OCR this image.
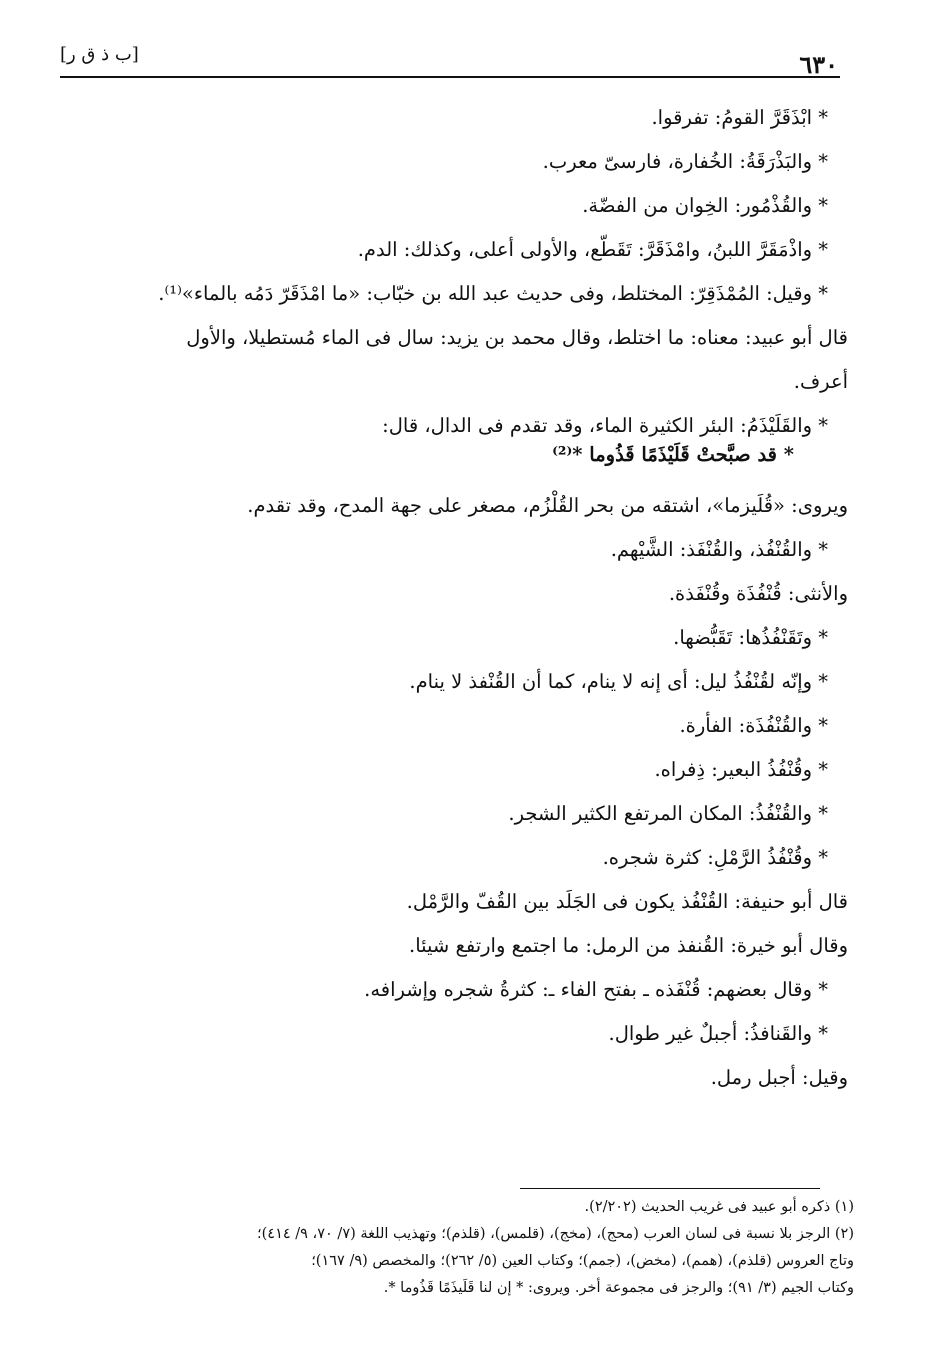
٦٣٠
[ب ذ ق ر]
* ابْذَقَرَّ القومُ: تفرقوا.
* والبَذْرَقَةُ: الخُفارة، فارسىّ معرب.
* والقُذْمُور: الخِوان من الفضّة.
* واذْمَقَرَّ اللبنُ، وامْذَقَرَّ: تَقَطّع، والأولى أعلى، وكذلك: الدم.
* وقيل: المُمْذَقِرّ: المختلط، وفى حديث عبد الله بن خبّاب: «ما امْذَقَرّ دَمُه بالماء»⁽¹⁾.
قال أبو عبيد: معناه: ما اختلط، وقال محمد بن يزيد: سال فى الماء مُستطيلا، والأول
أعرف.
* والقَلَيْذَمُ: البئر الكثيرة الماء، وقد تقدم فى الدال، قال:
* قد صبَّحتْ قَلَيْذَمًا قَذُوما *⁽²⁾
ويروى: «قُلَيزما»، اشتقه من بحر القُلْزُم، مصغر على جهة المدح، وقد تقدم.
* والقُنْفُذ، والقُنْفَذ: الشَّيْهم.
والأنثى: قُنْفُذَة وقُنْفَذة.
* وتَقَنْفُذُها: تَقَبُّضها.
* وإنّه لقُنْفُذُ ليل: أى إنه لا ينام، كما أن القُنْفذ لا ينام.
* والقُنْفُذَة: الفأرة.
* وقُنْفُذُ البعير: ذِفراه.
* والقُنْفُذُ: المكان المرتفع الكثير الشجر.
* وقُنْفُذُ الرَّمْلِ: كثرة شجره.
قال أبو حنيفة: القُنْفُذ يكون فى الجَلَد بين القُفّ والرَّمْل.
وقال أبو خيرة: القُنفذ من الرمل: ما اجتمع وارتفع شيئا.
* وقال بعضهم: قُنْفَذه ـ بفتح الفاء ـ: كثرةُ شجره وإشرافه.
* والقَنافذُ: أجبلٌ غير طوال.
وقيل: أجبل رمل.
(١) ذكره أبو عبيد فى غريب الحديث (٢/٢٠٢).
(٢) الرجز بلا نسبة فى لسان العرب (محج)، (مخج)، (قلمس)، (قلذم)؛ وتهذيب اللغة (٧/ ٧٠، ٩/ ٤١٤)؛
وتاج العروس (قلذم)، (همم)، (مخض)، (جمم)؛ وكتاب العين (٥/ ٢٦٢)؛ والمخصص (٩/ ١٦٧)؛
وكتاب الجيم (٣/ ٩١)؛ والرجز فى مجموعة أخر. ويروى: * إن لنا قَلَيذَمًا قَذُوما *.
